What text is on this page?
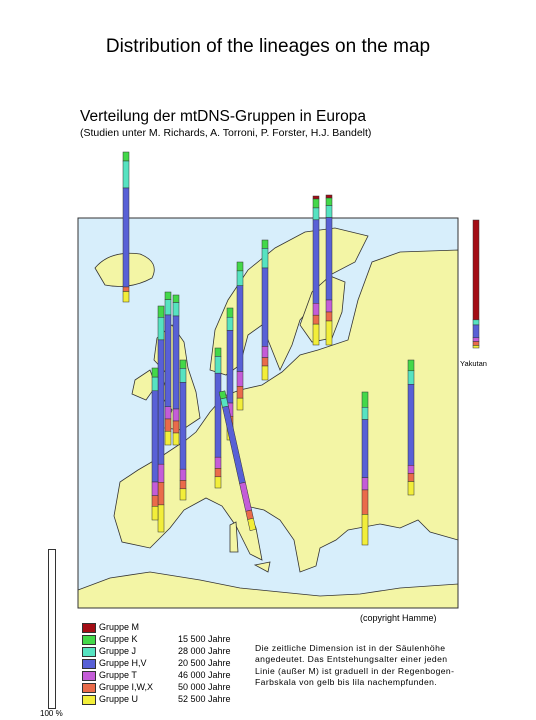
Distribution of the lineages on the map
Verteilung der mtDNS-Gruppen in Europa
(Studien unter M. Richards, A. Torroni, P. Forster, H.J. Bandelt)
(copyright Hamme)
Yakutan
Gruppe M
Gruppe K	15 500 Jahre
Gruppe J	28 000 Jahre
Gruppe H,V	20 500 Jahre
Gruppe T	46 000 Jahre
Gruppe I,W,X	50 000 Jahre
Gruppe U	52 500 Jahre
Die zeitliche Dimension ist in der Säulenhöhe angedeutet. Das Entstehungsalter einer jeden Linie (außer M) ist graduell in der Regenbogen-Farbskala von gelb bis lila nachempfunden.
100 %
